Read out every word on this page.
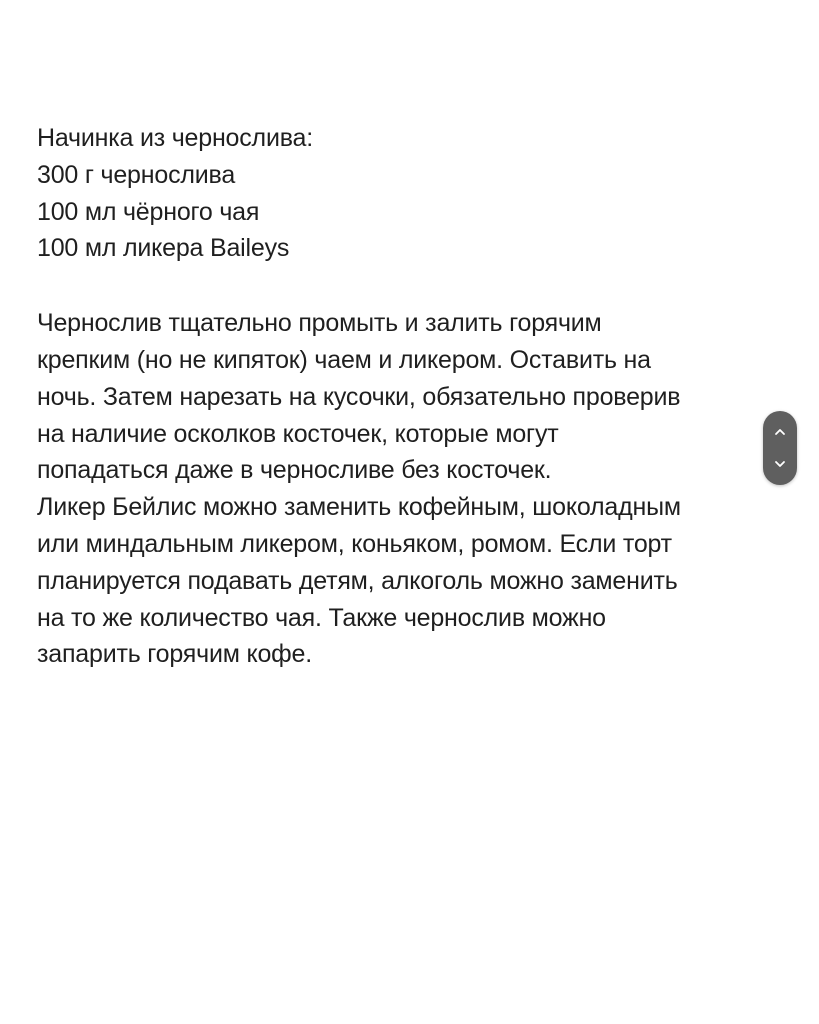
Начинка из чернослива:
300 г чернослива
100 мл чёрного чая
100 мл ликера Baileys
Чернослив тщательно промыть и залить горячим
крепким (но не кипяток) чаем и ликером. Оставить на
ночь. Затем нарезать на кусочки, обязательно проверив
на наличие осколков косточек, которые могут
попадаться даже в черносливе без косточек.
Ликер Бейлис можно заменить кофейным, шоколадным
или миндальным ликером, коньяком, ромом. Если торт
планируется подавать детям, алкоголь можно заменить
на то же количество чая. Также чернослив можно
запарить горячим кофе.
